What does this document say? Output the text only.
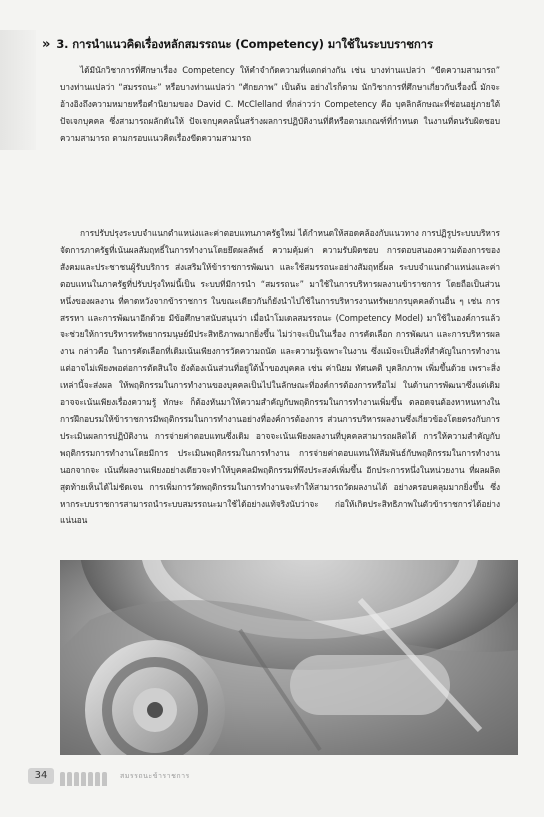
» 3. การนำแนวคิดเรื่องหลักสมรรถนะ (Competency) มาใช้ในระบบราชการ

ได้มีนักวิชาการที่ศึกษาเรื่อง Competency ให้คำจำกัดความที่แตกต่างกัน เช่น บางท่านแปลว่า “ขีดความสามารถ” บางท่านแปลว่า “สมรรถนะ” หรือบางท่านแปลว่า “ศักยภาพ” เป็นต้น อย่างไรก็ตาม นักวิชาการที่ศึกษาเกี่ยวกับเรื่องนี้ มักจะอ้างอิงถึงความหมายหรือคำนิยามของ David C. McClelland ที่กล่าวว่า Competency คือ บุคลิกลักษณะที่ซ่อนอยู่ภายใต้ปัจเจกบุคคล ซึ่งสามารถผลักดันให้ ปัจเจกบุคคลนั้นสร้างผลการปฏิบัติงานที่ดีหรือตามเกณฑ์ที่กำหนด ในงานที่ตนรับผิดชอบ ความสามารถ ตามกรอบแนวคิดเรื่องขีดความสามารถ

การปรับปรุงระบบจำแนกตำแหน่งและค่าตอบแทนภาครัฐใหม่ ได้กำหนดให้สอดคล้องกับแนวทาง การปฏิรูประบบบริหารจัดการภาครัฐที่เน้นผลสัมฤทธิ์ในการทำงานโดยยึดผลลัพธ์ ความคุ้มค่า ความรับผิดชอบ การตอบสนองความต้องการของสังคมและประชาชนผู้รับบริการ ส่งเสริมให้ข้าราชการพัฒนา และใช้สมรรถนะอย่างสัมฤทธิ์ผล ระบบจำแนกตำแหน่งและค่าตอบแทนในภาครัฐที่ปรับปรุงใหม่นี้เป็น ระบบที่มีการนำ “สมรรถนะ” มาใช้ในการบริหารผลงานข้าราชการ โดยถือเป็นส่วนหนึ่งของผลงาน ที่คาดหวังจากข้าราชการ ในขณะเดียวกันก็ยังนำไปใช้ในการบริหารงานทรัพยากรบุคคลด้านอื่น ๆ เช่น การสรรหา และการพัฒนาอีกด้วย มีข้อศึกษาสนับสนุนว่า เมื่อนำโมเดลสมรรถนะ (Competency Model) มาใช้ในองค์การแล้ว จะช่วยให้การบริหารทรัพยากรมนุษย์มีประสิทธิภาพมากยิ่งขึ้น ไม่ว่าจะเป็นในเรื่อง การคัดเลือก การพัฒนา และการบริหารผลงาน กล่าวคือ ในการคัดเลือกที่เดิมเน้นเพียงการวัดความถนัด และความรู้เฉพาะในงาน ซึ่งแม้จะเป็นสิ่งที่สำคัญในการทำงาน แต่อาจไม่เพียงพอต่อการตัดสินใจ ยังต้องเน้นส่วนที่อยู่ใต้น้ำของบุคคล เช่น ค่านิยม ทัศนคติ บุคลิกภาพ เพิ่มขึ้นด้วย เพราะสิ่งเหล่านี้จะส่งผล ให้พฤติกรรมในการทำงานของบุคคลเป็นไปในลักษณะที่องค์การต้องการหรือไม่ ในด้านการพัฒนาซึ่งแต่เดิม อาจจะเน้นเพียงเรื่องความรู้ ทักษะ ก็ต้องหันมาให้ความสำคัญกับพฤติกรรมในการทำงานเพิ่มขึ้น ตลอดจนต้องหาหนทางในการฝึกอบรมให้ข้าราชการมีพฤติกรรมในการทำงานอย่างที่องค์การต้องการ ส่วนการบริหารผลงานซึ่งเกี่ยวข้องโดยตรงกับการประเมินผลการปฏิบัติงาน การจ่ายค่าตอบแทนซึ่งเดิม อาจจะเน้นเพียงผลงานที่บุคคลสามารถผลิตได้ การให้ความสำคัญกับพฤติกรรมการทำงานโดยมีการ ประเมินพฤติกรรมในการทำงาน การจ่ายค่าตอบแทนให้สัมพันธ์กับพฤติกรรมในการทำงาน นอกจากจะ เน้นที่ผลงานเพียงอย่างเดียวจะทำให้บุคคลมีพฤติกรรมที่พึงประสงค์เพิ่มขึ้น อีกประการหนึ่งในหน่วยงาน ที่ผลผลิตสุดท้ายเห็นได้ไม่ชัดเจน การเพิ่มการวัดพฤติกรรมในการทำงานจะทำให้สามารถวัดผลงานได้ อย่างครอบคลุมมากยิ่งขึ้น ซึ่งหากระบบราชการสามารถนำระบบสมรรถนะมาใช้ได้อย่างแท้จริงนับว่าจะ ก่อให้เกิดประสิทธิภาพในตัวข้าราชการได้อย่างแน่นอน

34	สมรรถนะข้าราชการ
